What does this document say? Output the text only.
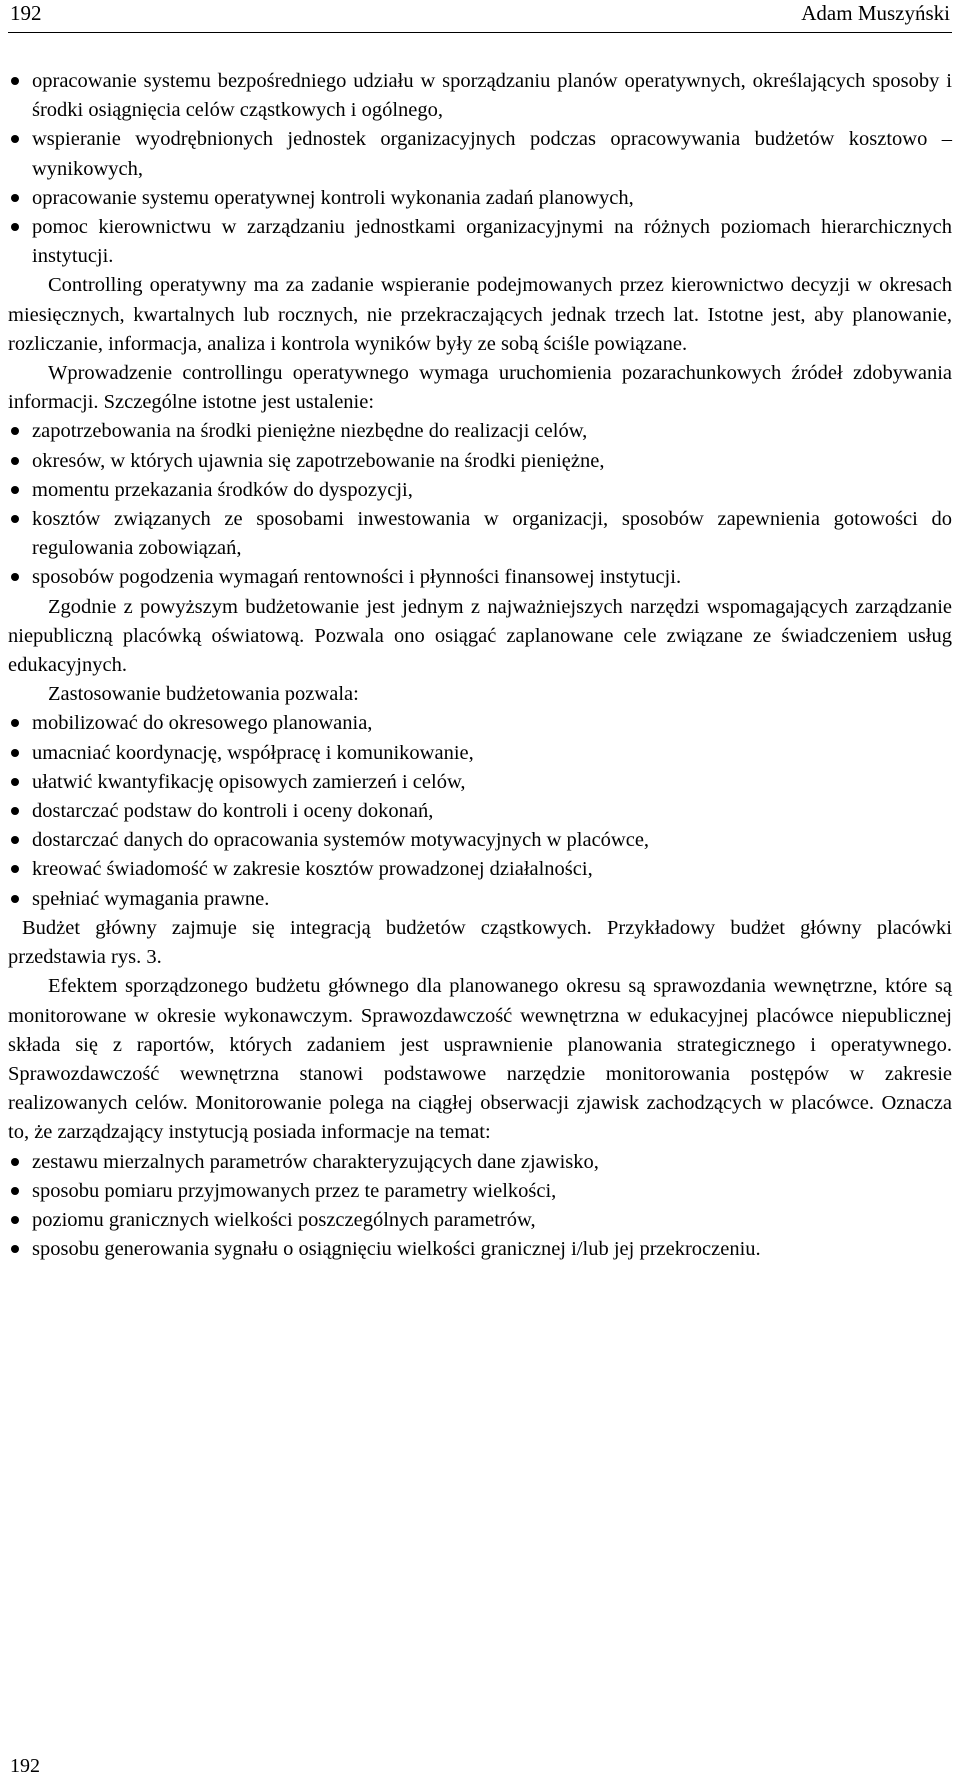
192	Adam Muszyński
opracowanie systemu bezpośredniego udziału w sporządzaniu planów operatywnych, określających sposoby i środki osiągnięcia celów cząstkowych i ogólnego,
wspieranie wyodrębnionych jednostek organizacyjnych podczas opracowywania budżetów kosztowo – wynikowych,
opracowanie systemu operatywnej kontroli wykonania zadań planowych,
pomoc kierownictwu w zarządzaniu jednostkami organizacyjnymi na różnych poziomach hierarchicznych instytucji.

Controlling operatywny ma za zadanie wspieranie podejmowanych przez kierownictwo decyzji w okresach miesięcznych, kwartalnych lub rocznych, nie przekraczających jednak trzech lat. Istotne jest, aby planowanie, rozliczanie, informacja, analiza i kontrola wyników były ze sobą ściśle powiązane.

Wprowadzenie controllingu operatywnego wymaga uruchomienia pozarachunkowych źródeł zdobywania informacji. Szczególne istotne jest ustalenie:

zapotrzebowania na środki pieniężne niezbędne do realizacji celów,
okresów, w których ujawnia się zapotrzebowanie na środki pieniężne,
momentu przekazania środków do dyspozycji,
kosztów związanych ze sposobami inwestowania w organizacji, sposobów zapewnienia gotowości do regulowania zobowiązań,
sposobów pogodzenia wymagań rentowności i płynności finansowej instytucji.

Zgodnie z powyższym budżetowanie jest jednym z najważniejszych narzędzi wspomagających zarządzanie niepubliczną placówką oświatową. Pozwala ono osiągać zaplanowane cele związane ze świadczeniem usług edukacyjnych.

Zastosowanie budżetowania pozwala:

mobilizować do okresowego planowania,
umacniać koordynację, współpracę i komunikowanie,
ułatwić kwantyfikację opisowych zamierzeń i celów,
dostarczać podstaw do kontroli i oceny dokonań,
dostarczać danych do opracowania systemów motywacyjnych w placówce,
kreować świadomość w zakresie kosztów prowadzonej działalności,
spełniać wymagania prawne.

Budżet główny zajmuje się integracją budżetów cząstkowych. Przykładowy budżet główny placówki przedstawia rys. 3.

Efektem sporządzonego budżetu głównego dla planowanego okresu są sprawozdania wewnętrzne, które są monitorowane w okresie wykonawczym. Sprawozdawczość wewnętrzna w edukacyjnej placówce niepublicznej składa się z raportów, których zadaniem jest usprawnienie planowania strategicznego i operatywnego. Sprawozdawczość wewnętrzna stanowi podstawowe narzędzie monitorowania postępów w zakresie realizowanych celów. Monitorowanie polega na ciągłej obserwacji zjawisk zachodzących w placówce. Oznacza to, że zarządzający instytucją posiada informacje na temat:

zestawu mierzalnych parametrów charakteryzujących dane zjawisko,
sposobu pomiaru przyjmowanych przez te parametry wielkości,
poziomu granicznych wielkości poszczególnych parametrów,
sposobu generowania sygnału o osiągnięciu wielkości granicznej i/lub jej przekroczeniu.
192
